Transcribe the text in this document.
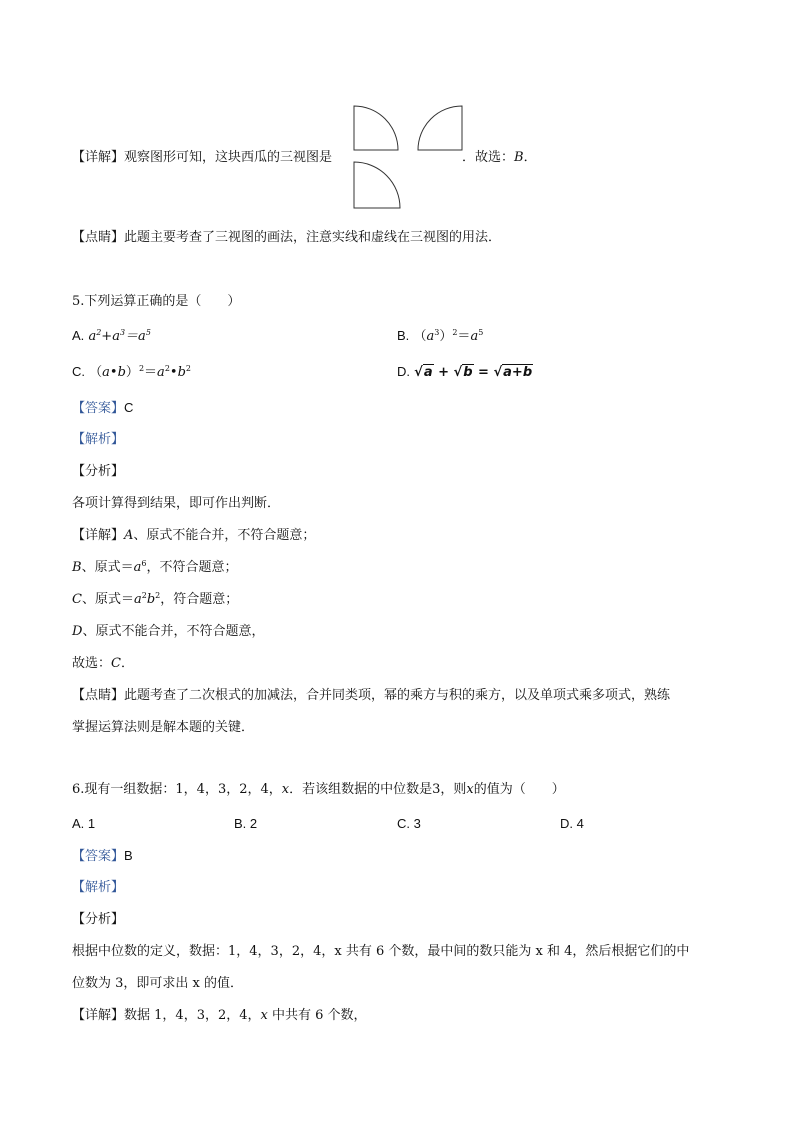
【详解】观察图形可知，这块西瓜的三视图是	．故选：B．
【点睛】此题主要考查了三视图的画法，注意实线和虚线在三视图的用法．
5.下列运算正确的是（　　）
A. $a^2+a^3=a^5$	B. $(a^3)^2=a^5$
C. $(a•b)^2=a^2•b^2$	D. √a + √b = √a+b
【答案】C
【解析】
【分析】
各项计算得到结果，即可作出判断．
【详解】A、原式不能合并，不符合题意；
B、原式$=a^6$，不符合题意；
C、原式$=a^2b^2$，符合题意；
D、原式不能合并，不符合题意，
故选：C．
【点睛】此题考查了二次根式的加减法，合并同类项，幂的乘方与积的乘方，以及单项式乘多项式，熟练
掌握运算法则是解本题的关键．
6.现有一组数据：1，4，3，2，4，x．若该组数据的中位数是3，则x的值为（　　）
A. 1	B. 2	C. 3	D. 4
【答案】B
【解析】
【分析】
根据中位数的定义，数据：1，4，3，2，4，x 共有 6 个数，最中间的数只能为 x 和 4，然后根据它们的中
位数为 3，即可求出 x 的值．
【详解】数据 1，4，3，2，4，x 中共有 6 个数，
